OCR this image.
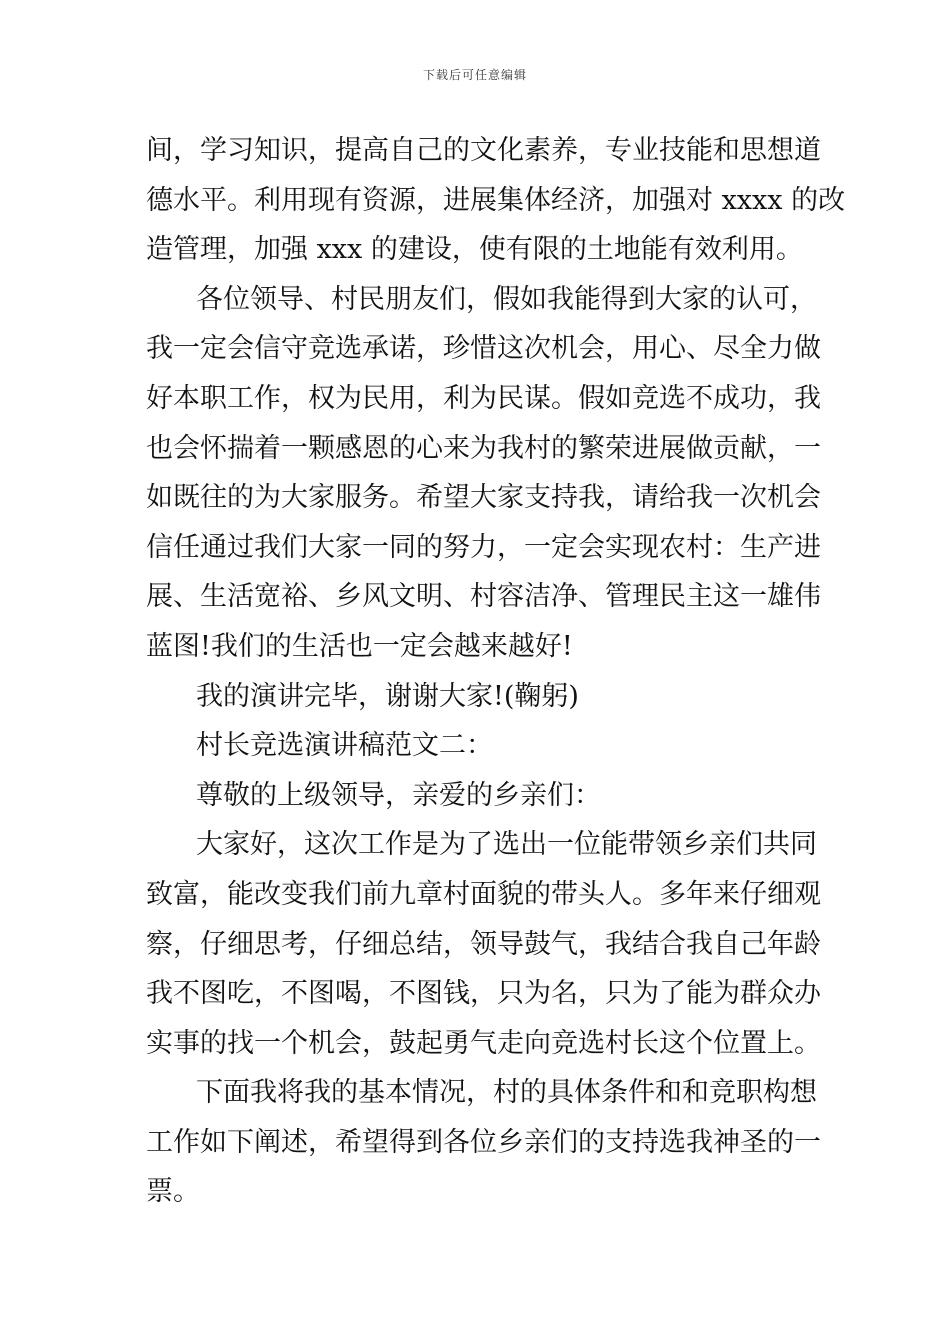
下载后可任意编辑
间，学习知识，提高自己的文化素养，专业技能和思想道
德水平。利用现有资源，进展集体经济，加强对 xxxx 的改
造管理，加强 xxx 的建设，使有限的土地能有效利用。
各位领导、村民朋友们，假如我能得到大家的认可，
我一定会信守竞选承诺，珍惜这次机会，用心、尽全力做
好本职工作，权为民用，利为民谋。假如竞选不成功，我
也会怀揣着一颗感恩的心来为我村的繁荣进展做贡献，一
如既往的为大家服务。希望大家支持我，请给我一次机会
信任通过我们大家一同的努力，一定会实现农村：生产进
展、生活宽裕、乡风文明、村容洁净、管理民主这一雄伟
蓝图!我们的生活也一定会越来越好!
我的演讲完毕，谢谢大家!(鞠躬)
村长竞选演讲稿范文二：
尊敬的上级领导，亲爱的乡亲们：
大家好，这次工作是为了选出一位能带领乡亲们共同
致富，能改变我们前九章村面貌的带头人。多年来仔细观
察，仔细思考，仔细总结，领导鼓气，我结合我自己年龄
我不图吃，不图喝，不图钱，只为名，只为了能为群众办
实事的找一个机会，鼓起勇气走向竞选村长这个位置上。
下面我将我的基本情况，村的具体条件和和竞职构想
工作如下阐述，希望得到各位乡亲们的支持选我神圣的一
票。
